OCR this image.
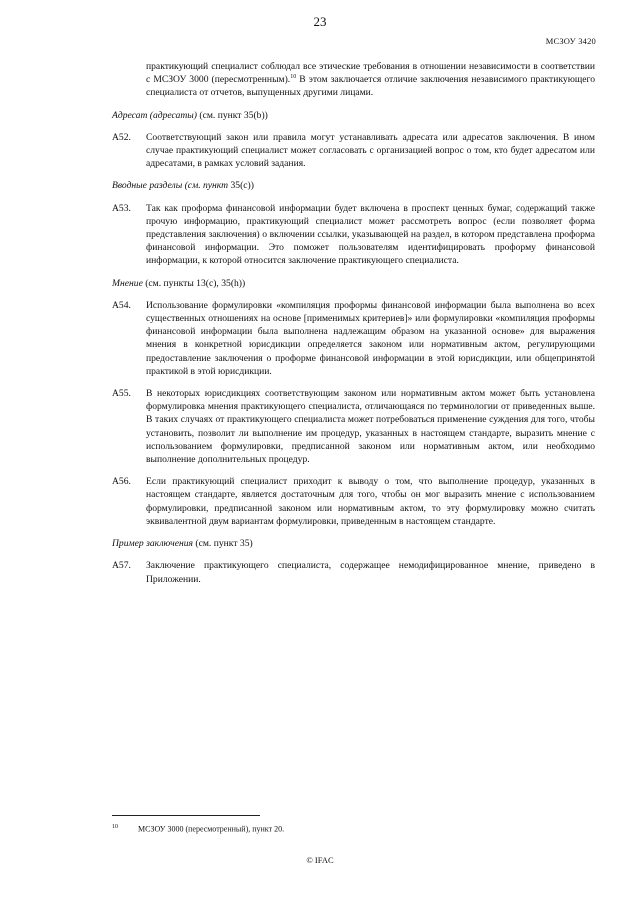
23
МСЗОУ 3420
практикующий специалист соблюдал все этические требования в отношении независимости в соответствии с МСЗОУ 3000 (пересмотренным).$^{10}$ В этом заключается отличие заключения независимого практикующего специалиста от отчетов, выпущенных другими лицами.
Адресат (адресаты) (см. пункт 35(b))
A52.	Соответствующий закон или правила могут устанавливать адресата или адресатов заключения. В ином случае практикующий специалист может согласовать с организацией вопрос о том, кто будет адресатом или адресатами, в рамках условий задания.
Вводные разделы (см. пункт 35(c))
A53.	Так как проформа финансовой информации будет включена в проспект ценных бумаг, содержащий также прочую информацию, практикующий специалист может рассмотреть вопрос (если позволяет форма представления заключения) о включении ссылки, указывающей на раздел, в котором представлена проформа финансовой информации. Это поможет пользователям идентифицировать проформу финансовой информации, к которой относится заключение практикующего специалиста.
Мнение (см. пункты 13(c), 35(h))
A54.	Использование формулировки «компиляция проформы финансовой информации была выполнена во всех существенных отношениях на основе [применимых критериев]» или формулировки «компиляция проформы финансовой информации была выполнена надлежащим образом на указанной основе» для выражения мнения в конкретной юрисдикции определяется законом или нормативным актом, регулирующими предоставление заключения о проформе финансовой информации в этой юрисдикции, или общепринятой практикой в этой юрисдикции.
A55.	В некоторых юрисдикциях соответствующим законом или нормативным актом может быть установлена формулировка мнения практикующего специалиста, отличающаяся по терминологии от приведенных выше. В таких случаях от практикующего специалиста может потребоваться применение суждения для того, чтобы установить, позволит ли выполнение им процедур, указанных в настоящем стандарте, выразить мнение с использованием формулировки, предписанной законом или нормативным актом, или необходимо выполнение дополнительных процедур.
A56.	Если практикующий специалист приходит к выводу о том, что выполнение процедур, указанных в настоящем стандарте, является достаточным для того, чтобы он мог выразить мнение с использованием формулировки, предписанной законом или нормативным актом, то эту формулировку можно считать эквивалентной двум вариантам формулировки, приведенным в настоящем стандарте.
Пример заключения (см. пункт 35)
A57.	Заключение практикующего специалиста, содержащее немодифицированное мнение, приведено в Приложении.
10	МСЗОУ 3000 (пересмотренный), пункт 20.
© IFAC
